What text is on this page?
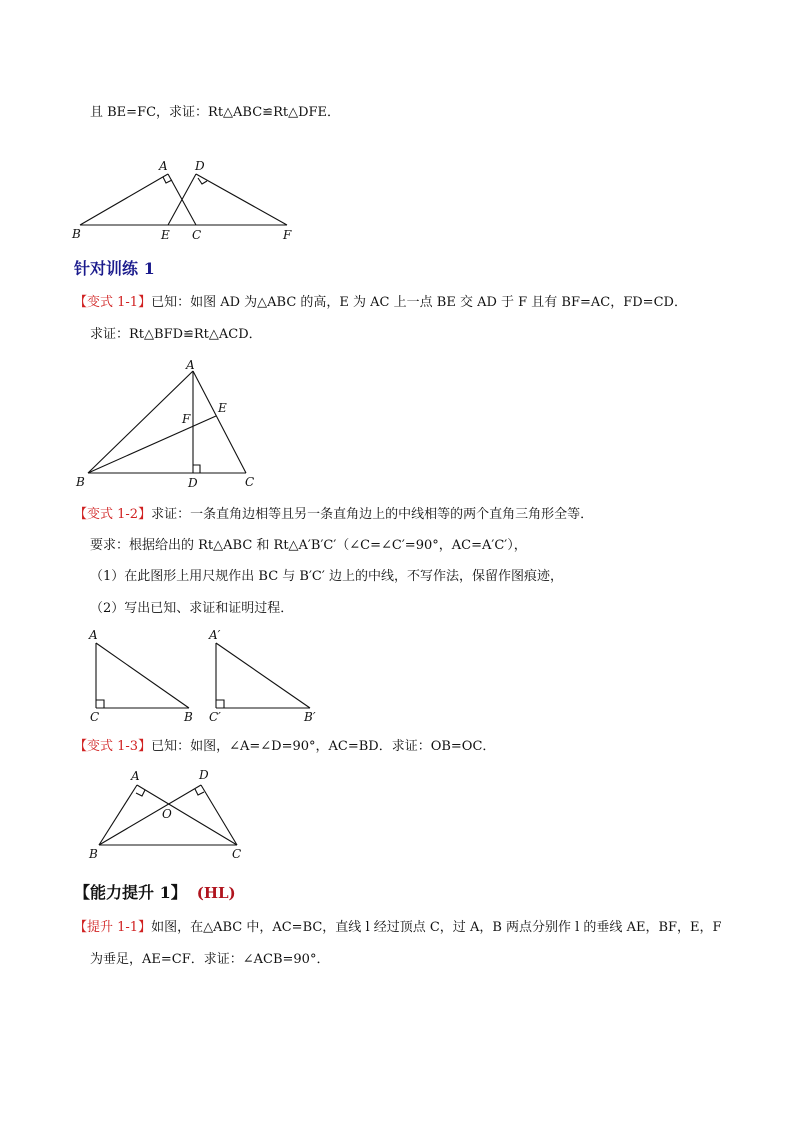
且 BE=FC，求证：Rt△ABC≌Rt△DFE．
A D
B	E C	F
针对训练 1
【变式 1-1】已知：如图 AD 为△ABC 的高，E 为 AC 上一点 BE 交 AD 于 F 且有 BF=AC，FD=CD．
求证：Rt△BFD≌Rt△ACD．
A
E
F
B	D	C
【变式 1-2】求证：一条直角边相等且另一条直角边上的中线相等的两个直角三角形全等．
要求：根据给出的 Rt△ABC 和 Rt△A′B′C′（∠C=∠C′=90°，AC=A′C′），
（1）在此图形上用尺规作出 BC 与 B′C′ 边上的中线，不写作法，保留作图痕迹，
（2）写出已知、求证和证明过程．
A
C	B
A′
C′	B′
【变式 1-3】已知：如图，∠A=∠D=90°，AC=BD．求证：OB=OC．
A	D
O
B	C
【能力提升 1】 (HL)
【提升 1-1】如图，在△ABC 中，AC=BC，直线 l 经过顶点 C，过 A，B 两点分别作 l 的垂线 AE，BF，E，F
为垂足，AE=CF．求证：∠ACB=90°．
